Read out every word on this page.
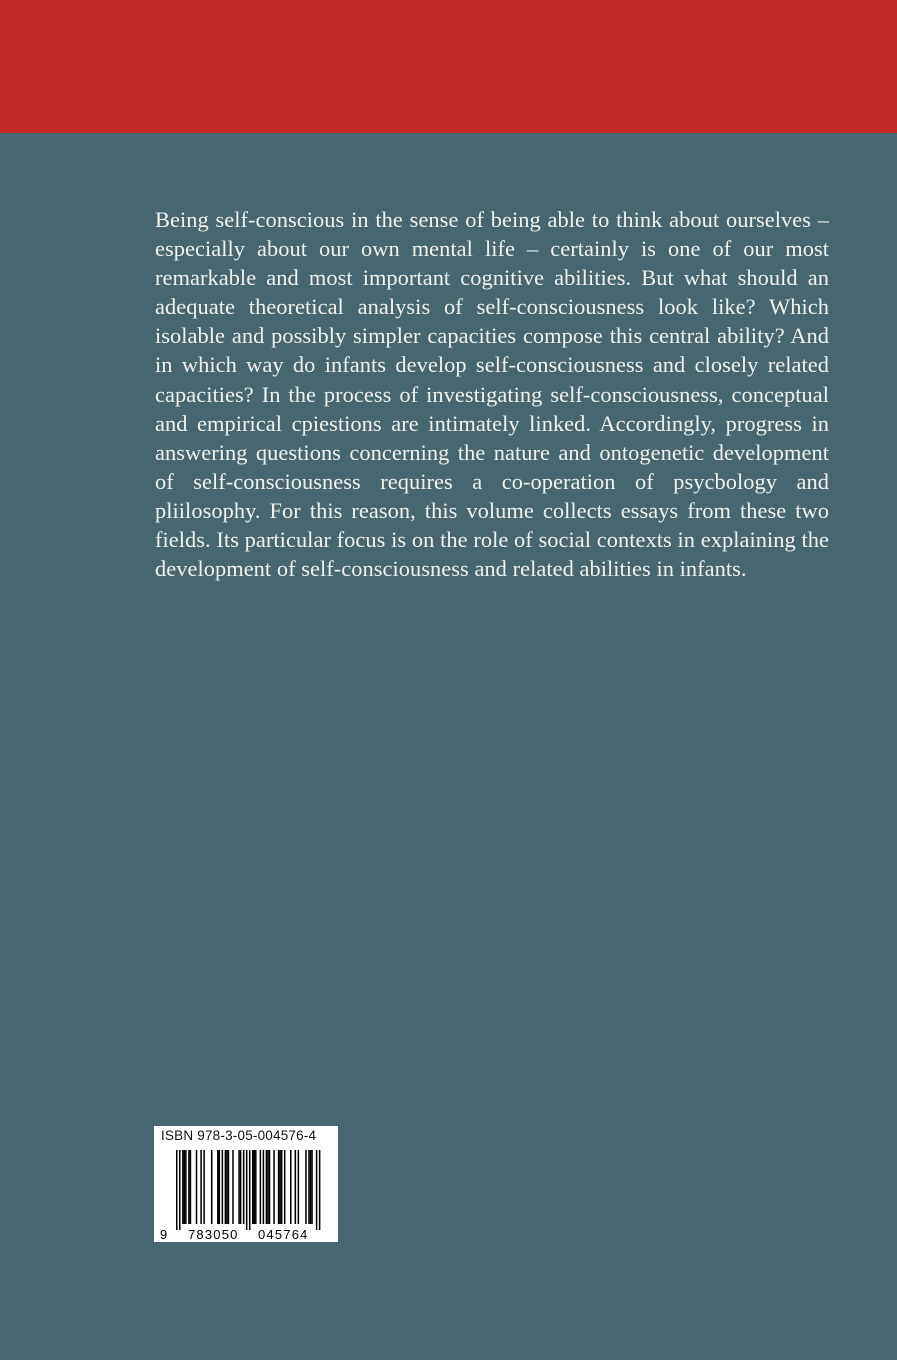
Being self-conscious in the sense of being able to think about ourselves – especially about our own mental life – certainly is one of our most remarkable and most important cognitive abilities. But what should an adequate theoretical analysis of self-consciousness look like? Which isolable and possibly simpler capacities compose this central ability? And in which way do infants develop self-consciousness and closely related capacities? In the process of investigating self-consciousness, conceptual and empirical cpiestions are intimately linked. Accordingly, progress in answering questions concerning the nature and ontogenetic development of self-consciousness requires a co-operation of psycbology and pliilosophy. For this reason, this volume collects essays from these two fields. Its particular focus is on the role of social contexts in explaining the development of self-consciousness and related abilities in infants.

ISBN 978-3-05-004576-4
9 783050 045764
